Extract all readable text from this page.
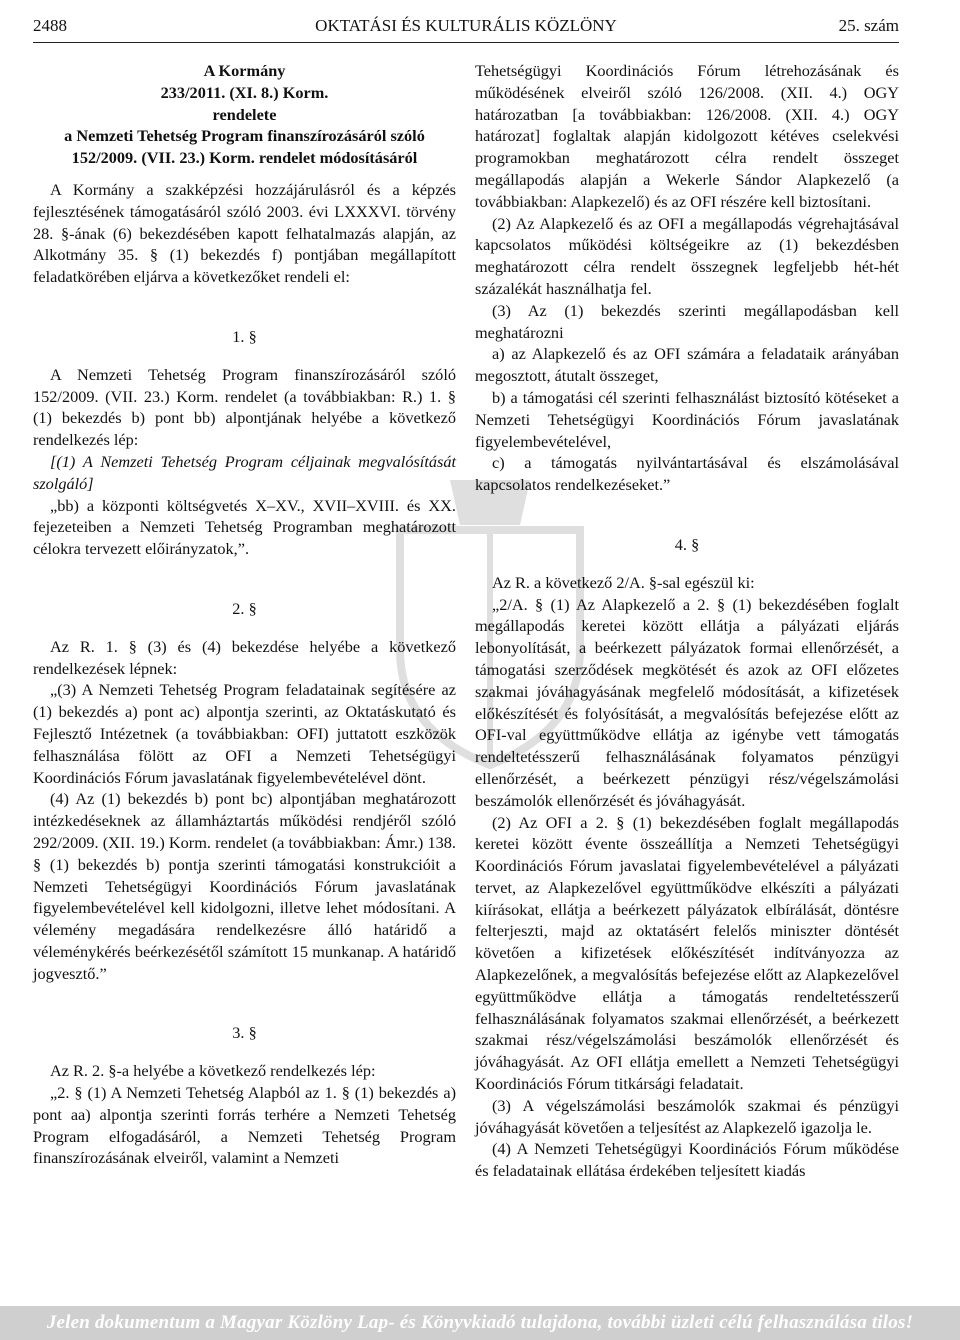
2488	OKTATÁSI ÉS KULTURÁLIS KÖZLÖNY	25. szám

A Kormány

233/2011. (XI. 8.) Korm.

rendelete

a Nemzeti Tehetség Program finanszírozásáról szóló

152/2009. (VII. 23.) Korm. rendelet módosításáról

A Kormány a szakképzési hozzájárulásról és a képzés fejlesztésének támogatásáról szóló 2003. évi LXXXVI. törvény 28. §-ának (6) bekezdésében kapott felhatalmazás alapján, az Alkotmány 35. § (1) bekezdés f) pontjában megállapított feladatkörében eljárva a következőket rendeli el:

1. §

A Nemzeti Tehetség Program finanszírozásáról szóló 152/2009. (VII. 23.) Korm. rendelet (a továbbiakban: R.) 1. § (1) bekezdés b) pont bb) alpontjának helyébe a következő rendelkezés lép:

[(1) A Nemzeti Tehetség Program céljainak megvalósítását szolgáló]

„bb) a központi költségvetés X–XV., XVII–XVIII. és XX. fejezeteiben a Nemzeti Tehetség Programban meghatározott célokra tervezett előirányzatok,”.

2. §

Az R. 1. § (3) és (4) bekezdése helyébe a következő rendelkezések lépnek:

„(3) A Nemzeti Tehetség Program feladatainak segítésére az (1) bekezdés a) pont ac) alpontja szerinti, az Oktatáskutató és Fejlesztő Intézetnek (a továbbiakban: OFI) juttatott eszközök felhasználása fölött az OFI a Nemzeti Tehetségügyi Koordinációs Fórum javaslatának figyelembevételével dönt.

(4) Az (1) bekezdés b) pont bc) alpontjában meghatározott intézkedéseknek az államháztartás működési rendjéről szóló 292/2009. (XII. 19.) Korm. rendelet (a továbbiakban: Ámr.) 138. § (1) bekezdés b) pontja szerinti támogatási konstrukcióit a Nemzeti Tehetségügyi Koordinációs Fórum javaslatának figyelembevételével kell kidolgozni, illetve lehet módosítani. A vélemény megadására rendelkezésre álló határidő a véleménykérés beérkezésétől számított 15 munkanap. A határidő jogvesztő.”

3. §

Az R. 2. §-a helyébe a következő rendelkezés lép:

„2. § (1) A Nemzeti Tehetség Alapból az 1. § (1) bekezdés a) pont aa) alpontja szerinti forrás terhére a Nemzeti Tehetség Program elfogadásáról, a Nemzeti Tehetség Program finanszírozásának elveiről, valamint a Nemzeti

Tehetségügyi Koordinációs Fórum létrehozásának és működésének elveiről szóló 126/2008. (XII. 4.) OGY határozatban [a továbbiakban: 126/2008. (XII. 4.) OGY határozat] foglaltak alapján kidolgozott kétéves cselekvési programokban meghatározott célra rendelt összeget megállapodás alapján a Wekerle Sándor Alapkezelő (a továbbiakban: Alapkezelő) és az OFI részére kell biztosítani.

(2) Az Alapkezelő és az OFI a megállapodás végrehajtásával kapcsolatos működési költségeikre az (1) bekezdésben meghatározott célra rendelt összegnek legfeljebb hét-hét százalékát használhatja fel.

(3) Az (1) bekezdés szerinti megállapodásban kell meghatározni

a) az Alapkezelő és az OFI számára a feladataik arányában megosztott, átutalt összeget,

b) a támogatási cél szerinti felhasználást biztosító kötéseket a Nemzeti Tehetségügyi Koordinációs Fórum javaslatának figyelembevételével,

c) a támogatás nyilvántartásával és elszámolásával kapcsolatos rendelkezéseket.”

4. §

Az R. a következő 2/A. §-sal egészül ki:

„2/A. § (1) Az Alapkezelő a 2. § (1) bekezdésében foglalt megállapodás keretei között ellátja a pályázati eljárás lebonyolítását, a beérkezett pályázatok formai ellenőrzését, a támogatási szerződések megkötését és azok az OFI előzetes szakmai jóváhagyásának megfelelő módosítását, a kifizetések előkészítését és folyósítását, a megvalósítás befejezése előtt az OFI-val együttműködve ellátja az igénybe vett támogatás rendeltetésszerű felhasználásának folyamatos pénzügyi ellenőrzését, a beérkezett pénzügyi rész/végelszámolási beszámolók ellenőrzését és jóváhagyását.

(2) Az OFI a 2. § (1) bekezdésében foglalt megállapodás keretei között évente összeállítja a Nemzeti Tehetségügyi Koordinációs Fórum javaslatai figyelembevételével a pályázati tervet, az Alapkezelővel együttműködve elkészíti a pályázati kiírásokat, ellátja a beérkezett pályázatok elbírálását, döntésre felterjeszti, majd az oktatásért felelős miniszter döntését követően a kifizetések előkészítését indítványozza az Alapkezelőnek, a megvalósítás befejezése előtt az Alapkezelővel együttműködve ellátja a támogatás rendeltetésszerű felhasználásának folyamatos szakmai ellenőrzését, a beérkezett szakmai rész/végelszámolási beszámolók ellenőrzését és jóváhagyását. Az OFI ellátja emellett a Nemzeti Tehetségügyi Koordinációs Fórum titkársági feladatait.

(3) A végelszámolási beszámolók szakmai és pénzügyi jóváhagyását követően a teljesítést az Alapkezelő igazolja le.

(4) A Nemzeti Tehetségügyi Koordinációs Fórum működése és feladatainak ellátása érdekében teljesített kiadás

Jelen dokumentum a Magyar Közlöny Lap- és Könyvkiadó tulajdona, további üzleti célú felhasználása tilos!
